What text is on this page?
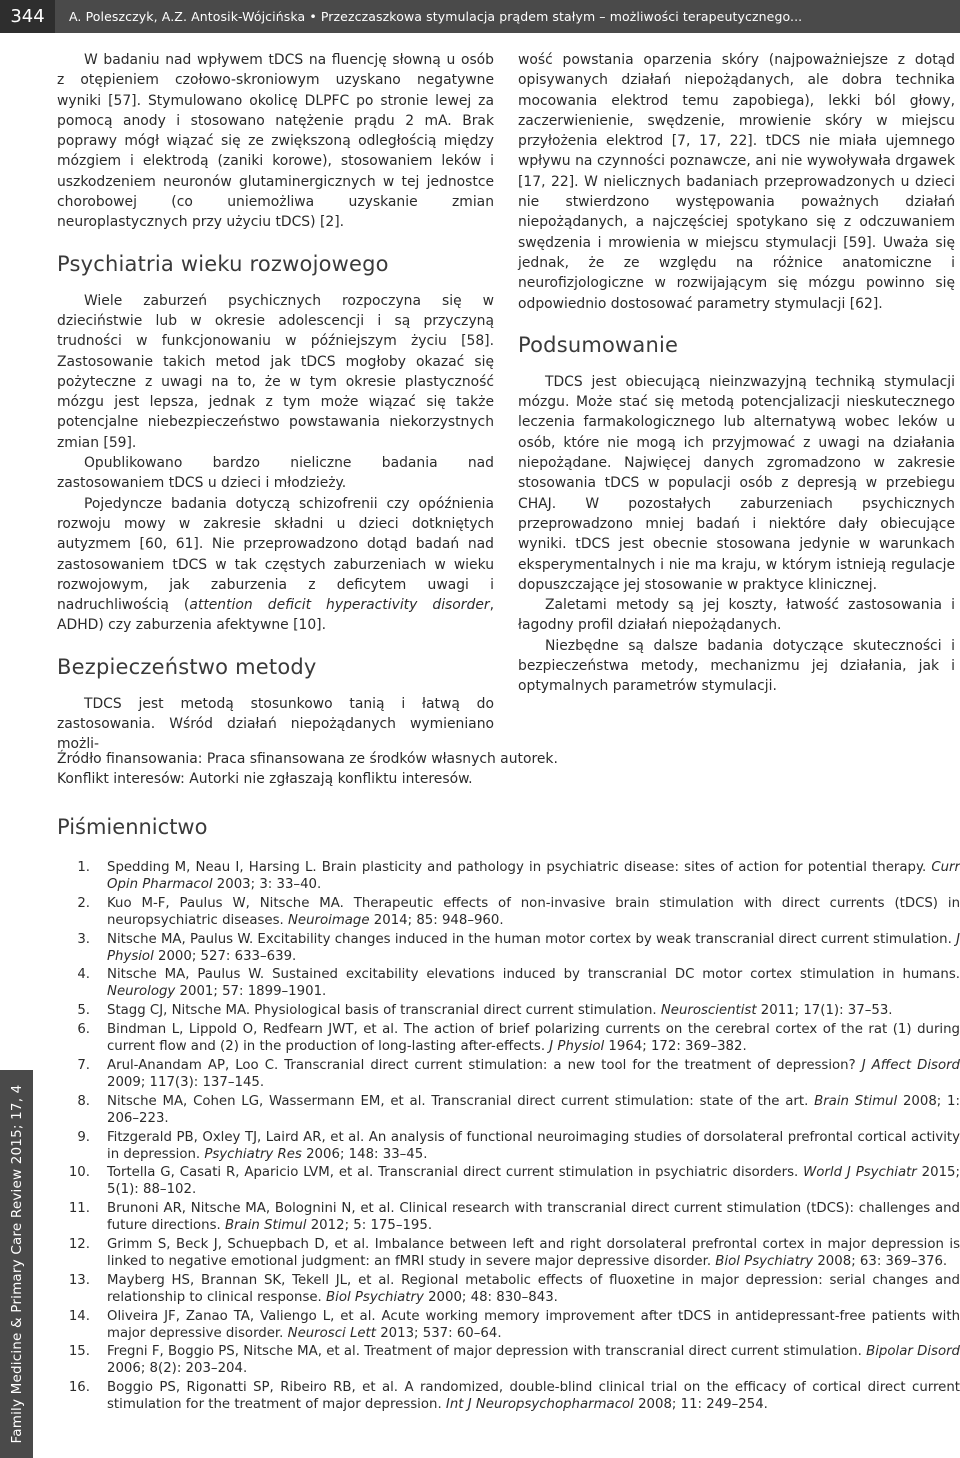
344	A. Poleszczyk, A.Z. Antosik-Wójcińska • Przezczaszkowa stymulacja prądem stałym – możliwości terapeutycznego...

W badaniu nad wpływem tDCS na fluencję słowną u osób z otępieniem czołowo-skroniowym uzyskano negatywne wyniki [57]. Stymulowano okolicę DLPFC po stronie lewej za pomocą anody i stosowano natężenie prądu 2 mA. Brak poprawy mógł wiązać się ze zwiększoną odległością między mózgiem i elektrodą (zaniki korowe), stosowaniem leków i uszkodzeniem neuronów glutaminergicznych w tej jednostce chorobowej (co uniemożliwa uzyskanie zmian neuroplastycznych przy użyciu tDCS) [2].

Psychiatria wieku rozwojowego

Wiele zaburzeń psychicznych rozpoczyna się w dzieciństwie lub w okresie adolescencji i są przyczyną trudności w funkcjonowaniu w późniejszym życiu [58]. Zastosowanie takich metod jak tDCS mogłoby okazać się pożyteczne z uwagi na to, że w tym okresie plastyczność mózgu jest lepsza, jednak z tym może wiązać się także potencjalne niebezpieczeństwo powstawania niekorzystnych zmian [59].

Opublikowano bardzo nieliczne badania nad zastosowaniem tDCS u dzieci i młodzieży.

Pojedyncze badania dotyczą schizofrenii czy opóźnienia rozwoju mowy w zakresie składni u dzieci dotkniętych autyzmem [60, 61]. Nie przeprowadzono dotąd badań nad zastosowaniem tDCS w tak częstych zaburzeniach w wieku rozwojowym, jak zaburzenia z deficytem uwagi i nadruchliwością (attention deficit hyperactivity disorder, ADHD) czy zaburzenia afektywne [10].

Bezpieczeństwo metody

TDCS jest metodą stosunkowo tanią i łatwą do zastosowania. Wśród działań niepożądanych wymieniano możli-

wość powstania oparzenia skóry (najpoważniejsze z dotąd opisywanych działań niepożądanych, ale dobra technika mocowania elektrod temu zapobiega), lekki ból głowy, zaczerwienienie, swędzenie, mrowienie skóry w miejscu przyłożenia elektrod [7, 17, 22]. tDCS nie miała ujemnego wpływu na czynności poznawcze, ani nie wywoływała drgawek [17, 22]. W nielicznych badaniach przeprowadzonych u dzieci nie stwierdzono występowania poważnych działań niepożądanych, a najczęściej spotykano się z odczuwaniem swędzenia i mrowienia w miejscu stymulacji [59]. Uważa się jednak, że ze względu na różnice anatomiczne i neurofizjologiczne w rozwijającym się mózgu powinno się odpowiednio dostosować parametry stymulacji [62].

Podsumowanie

TDCS jest obiecującą nieinzwazyjną techniką stymulacji mózgu. Może stać się metodą potencjalizacji nieskutecznego leczenia farmakologicznego lub alternatywą wobec leków u osób, które nie mogą ich przyjmować z uwagi na działania niepożądane. Najwięcej danych zgromadzono w zakresie stosowania tDCS w populacji osób z depresją w przebiegu CHAJ. W pozostałych zaburzeniach psychicznych przeprowadzono mniej badań i niektóre dały obiecujące wyniki. tDCS jest obecnie stosowana jedynie w warunkach eksperymentalnych i nie ma kraju, w którym istnieją regulacje dopuszczające jej stosowanie w praktyce klinicznej.

Zaletami metody są jej koszty, łatwość zastosowania i łagodny profil działań niepożądanych.

Niezbędne są dalsze badania dotyczące skuteczności i bezpieczeństwa metody, mechanizmu jej działania, jak i optymalnych parametrów stymulacji.

Źródło finansowania: Praca sfinansowana ze środków własnych autorek.
Konflikt interesów: Autorki nie zgłaszają konfliktu interesów.
Piśmiennictwo
1.	Spedding M, Neau I, Harsing L. Brain plasticity and pathology in psychiatric disease: sites of action for potential therapy. Curr Opin Pharmacol 2003; 3: 33–40.
2.	Kuo M-F, Paulus W, Nitsche MA. Therapeutic effects of non-invasive brain stimulation with direct currents (tDCS) in neuropsychiatric diseases. Neuroimage 2014; 85: 948–960.
3.	Nitsche MA, Paulus W. Excitability changes induced in the human motor cortex by weak transcranial direct current stimulation. J Physiol 2000; 527: 633–639.
4.	Nitsche MA, Paulus W. Sustained excitability elevations induced by transcranial DC motor cortex stimulation in humans. Neurology 2001; 57: 1899–1901.
5.	Stagg CJ, Nitsche MA. Physiological basis of transcranial direct current stimulation. Neuroscientist 2011; 17(1): 37–53.
6.	Bindman L, Lippold O, Redfearn JWT, et al. The action of brief polarizing currents on the cerebral cortex of the rat (1) during current flow and (2) in the production of long-lasting after-effects. J Physiol 1964; 172: 369–382.
7.	Arul-Anandam AP, Loo C. Transcranial direct current stimulation: a new tool for the treatment of depression? J Affect Disord 2009; 117(3): 137–145.
8.	Nitsche MA, Cohen LG, Wassermann EM, et al. Transcranial direct current stimulation: state of the art. Brain Stimul 2008; 1: 206–223.
9.	Fitzgerald PB, Oxley TJ, Laird AR, et al. An analysis of functional neuroimaging studies of dorsolateral prefrontal cortical activity in depression. Psychiatry Res 2006; 148: 33–45.
10.	Tortella G, Casati R, Aparicio LVM, et al. Transcranial direct current stimulation in psychiatric disorders. World J Psychiatr 2015; 5(1): 88–102.
11.	Brunoni AR, Nitsche MA, Bolognini N, et al. Clinical research with transcranial direct current stimulation (tDCS): challenges and future directions. Brain Stimul 2012; 5: 175–195.
12.	Grimm S, Beck J, Schuepbach D, et al. Imbalance between left and right dorsolateral prefrontal cortex in major depression is linked to negative emotional judgment: an fMRI study in severe major depressive disorder. Biol Psychiatry 2008; 63: 369–376.
13.	Mayberg HS, Brannan SK, Tekell JL, et al. Regional metabolic effects of fluoxetine in major depression: serial changes and relationship to clinical response. Biol Psychiatry 2000; 48: 830–843.
14.	Oliveira JF, Zanao TA, Valiengo L, et al. Acute working memory improvement after tDCS in antidepressant-free patients with major depressive disorder. Neurosci Lett 2013; 537: 60–64.
15.	Fregni F, Boggio PS, Nitsche MA, et al. Treatment of major depression with transcranial direct current stimulation. Bipolar Disord 2006; 8(2): 203–204.
16.	Boggio PS, Rigonatti SP, Ribeiro RB, et al. A randomized, double-blind clinical trial on the efficacy of cortical direct current stimulation for the treatment of major depression. Int J Neuropsychopharmacol 2008; 11: 249–254.
Family Medicine & Primary Care Review 2015; 17, 4
